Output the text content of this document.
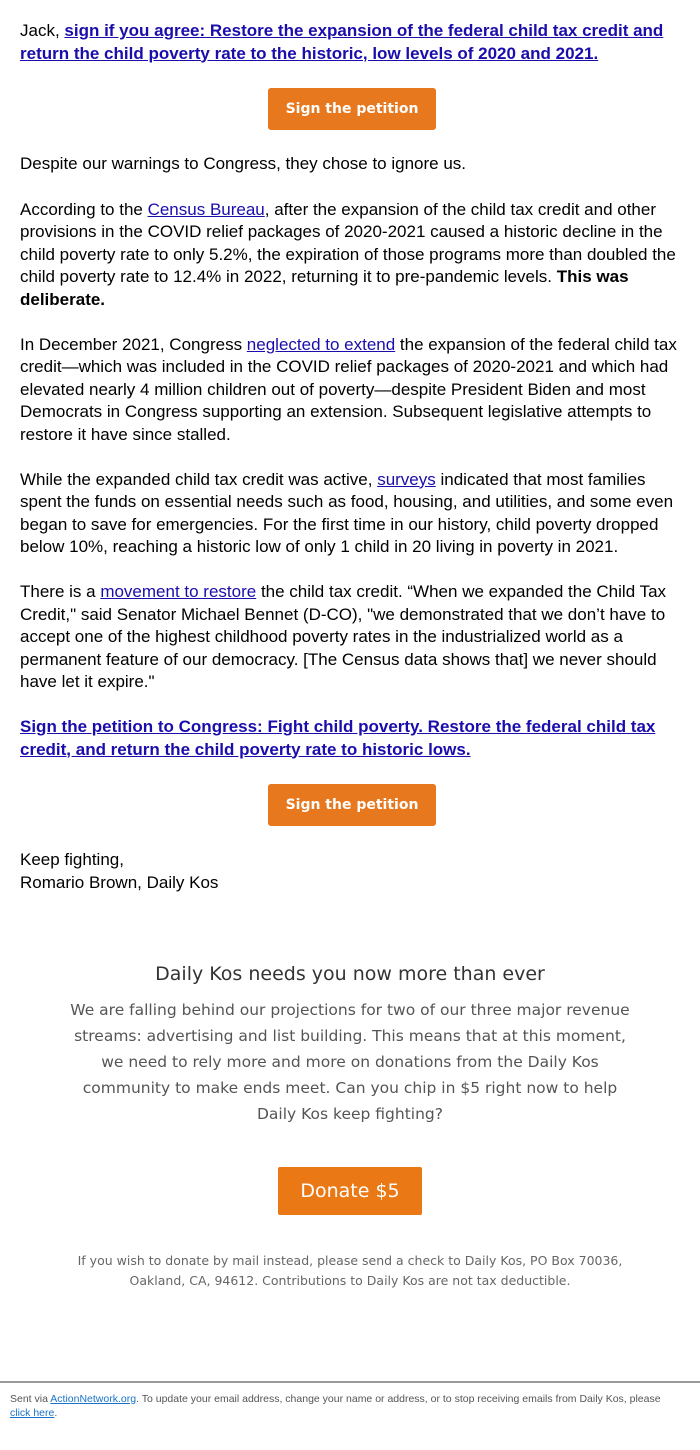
Jack, sign if you agree: Restore the expansion of the federal child tax credit and return the child poverty rate to the historic, low levels of 2020 and 2021.

Sign the petition

Despite our warnings to Congress, they chose to ignore us.

According to the Census Bureau, after the expansion of the child tax credit and other provisions in the COVID relief packages of 2020-2021 caused a historic decline in the child poverty rate to only 5.2%, the expiration of those programs more than doubled the child poverty rate to 12.4% in 2022, returning it to pre-pandemic levels. This was deliberate.

In December 2021, Congress neglected to extend the expansion of the federal child tax credit—which was included in the COVID relief packages of 2020-2021 and which had elevated nearly 4 million children out of poverty—despite President Biden and most Democrats in Congress supporting an extension. Subsequent legislative attempts to restore it have since stalled.

While the expanded child tax credit was active, surveys indicated that most families spent the funds on essential needs such as food, housing, and utilities, and some even began to save for emergencies. For the first time in our history, child poverty dropped below 10%, reaching a historic low of only 1 child in 20 living in poverty in 2021.

There is a movement to restore the child tax credit. “When we expanded the Child Tax Credit," said Senator Michael Bennet (D-CO), "we demonstrated that we don’t have to accept one of the highest childhood poverty rates in the industrialized world as a permanent feature of our democracy. [The Census data shows that] we never should have let it expire."

Sign the petition to Congress: Fight child poverty. Restore the federal child tax credit, and return the child poverty rate to historic lows.

Sign the petition

Keep fighting,

Romario Brown, Daily Kos

Daily Kos needs you now more than ever
We are falling behind our projections for two of our three major revenue streams: advertising and list building. This means that at this moment, we need to rely more and more on donations from the Daily Kos community to make ends meet. Can you chip in $5 right now to help Daily Kos keep fighting?
Donate $5
If you wish to donate by mail instead, please send a check to Daily Kos, PO Box 70036, Oakland, CA, 94612. Contributions to Daily Kos are not tax deductible.
Sent via ActionNetwork.org. To update your email address, change your name or address, or to stop receiving emails from Daily Kos, please click here.
